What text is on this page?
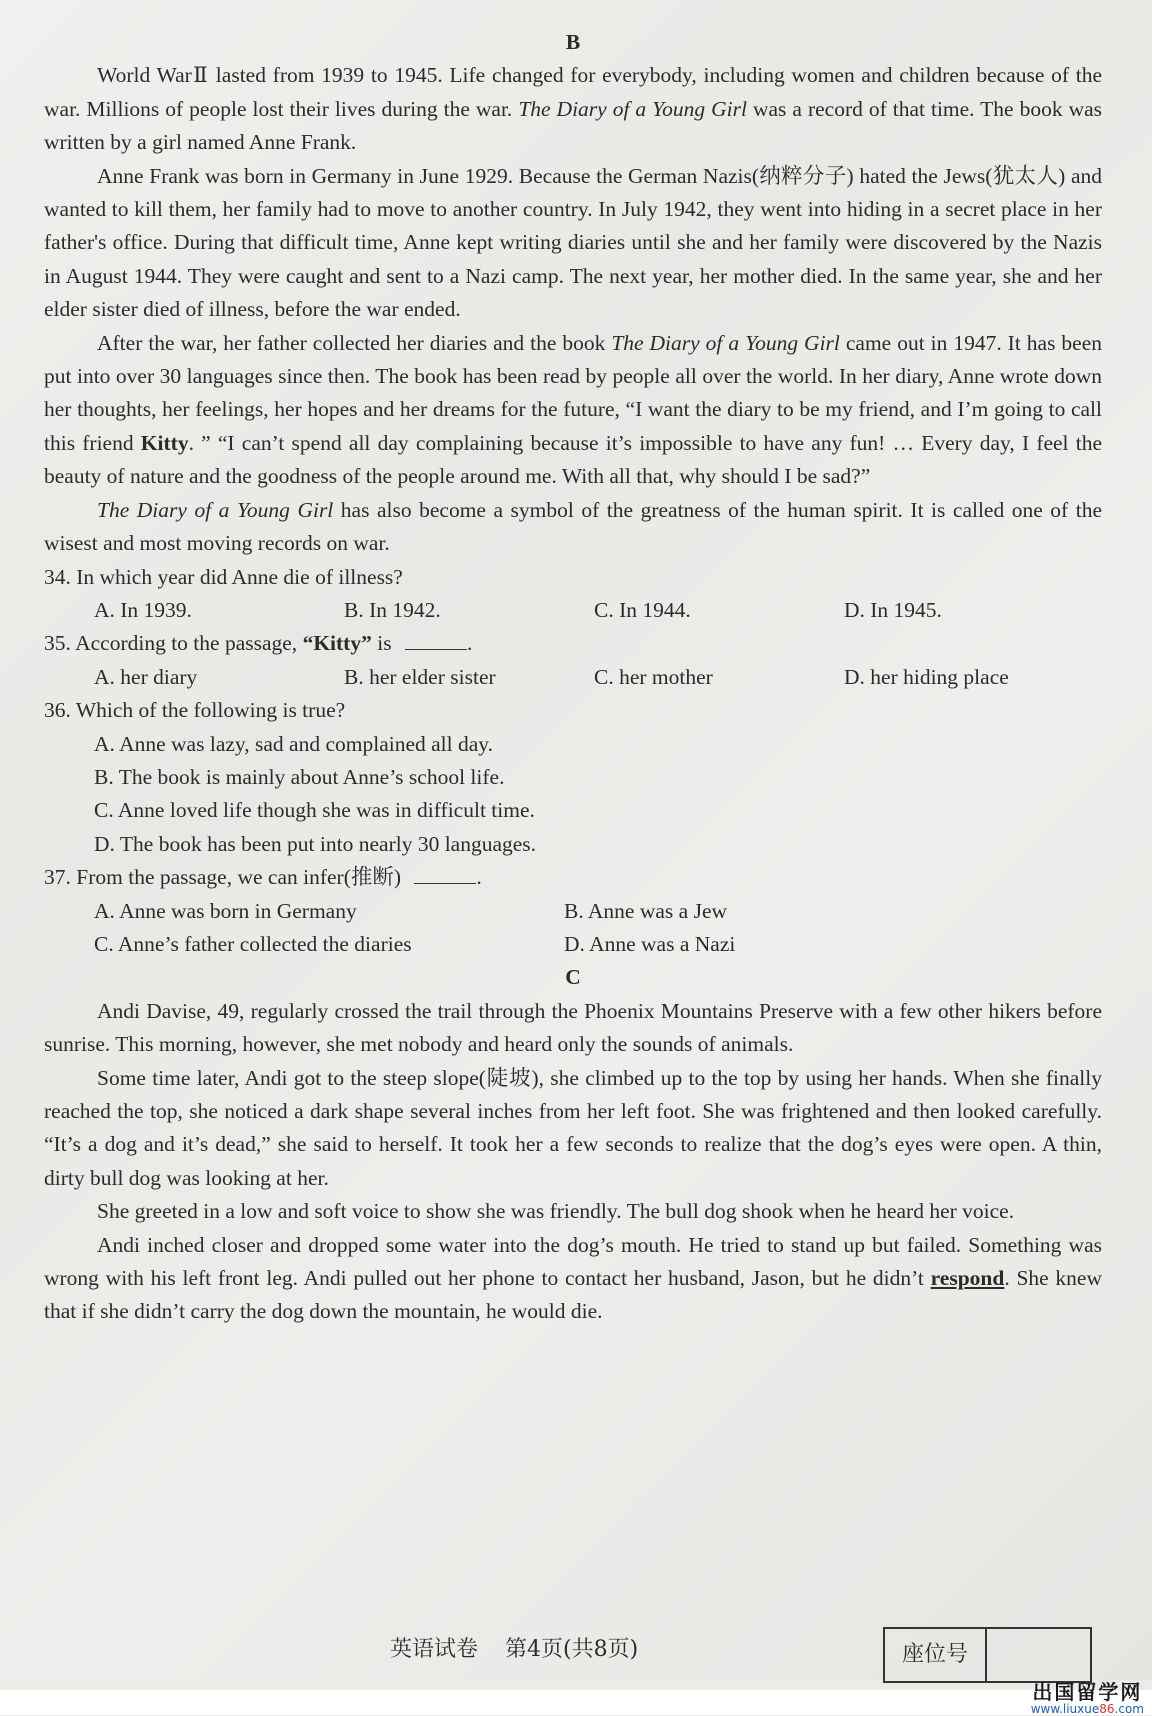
B

World WarⅡ lasted from 1939 to 1945. Life changed for everybody, including women and children because of the war. Millions of people lost their lives during the war. The Diary of a Young Girl was a record of that time. The book was written by a girl named Anne Frank.

Anne Frank was born in Germany in June 1929. Because the German Nazis(纳粹分子) hated the Jews(犹太人) and wanted to kill them, her family had to move to another country. In July 1942, they went into hiding in a secret place in her father's office. During that difficult time, Anne kept writing diaries until she and her family were discovered by the Nazis in August 1944. They were caught and sent to a Nazi camp. The next year, her mother died. In the same year, she and her elder sister died of illness, before the war ended.

After the war, her father collected her diaries and the book The Diary of a Young Girl came out in 1947. It has been put into over 30 languages since then. The book has been read by people all over the world. In her diary, Anne wrote down her thoughts, her feelings, her hopes and her dreams for the future, “I want the diary to be my friend, and I’m going to call this friend Kitty. ” “I can’t spend all day complaining because it’s impossible to have any fun! … Every day, I feel the beauty of nature and the goodness of the people around me. With all that, why should I be sad?”

The Diary of a Young Girl has also become a symbol of the greatness of the human spirit. It is called one of the wisest and most moving records on war.

34. In which year did Anne die of illness?

A. In 1939.	B. In 1942.	C. In 1944.	D. In 1945.

35. According to the passage, “Kitty” is	.

A. her diary	B. her elder sister	C. her mother	D. her hiding place

36. Which of the following is true?

A. Anne was lazy, sad and complained all day.

B. The book is mainly about Anne’s school life.

C. Anne loved life though she was in difficult time.

D. The book has been put into nearly 30 languages.

37. From the passage, we can infer(推断)	.

A. Anne was born in Germany	B. Anne was a Jew
C. Anne’s father collected the diaries	D. Anne was a Nazi
C

Andi Davise, 49, regularly crossed the trail through the Phoenix Mountains Preserve with a few other hikers before sunrise. This morning, however, she met nobody and heard only the sounds of animals.

Some time later, Andi got to the steep slope(陡坡), she climbed up to the top by using her hands. When she finally reached the top, she noticed a dark shape several inches from her left foot. She was frightened and then looked carefully. “It’s a dog and it’s dead,” she said to herself. It took her a few seconds to realize that the dog’s eyes were open. A thin, dirty bull dog was looking at her.

She greeted in a low and soft voice to show she was friendly. The bull dog shook when he heard her voice.

Andi inched closer and dropped some water into the dog’s mouth. He tried to stand up but failed. Something was wrong with his left front leg. Andi pulled out her phone to contact her husband, Jason, but he didn’t respond. She knew that if she didn’t carry the dog down the mountain, he would die.

英语试卷 第4页(共8页)	座位号
出国留学网
www.liuxue86.com
